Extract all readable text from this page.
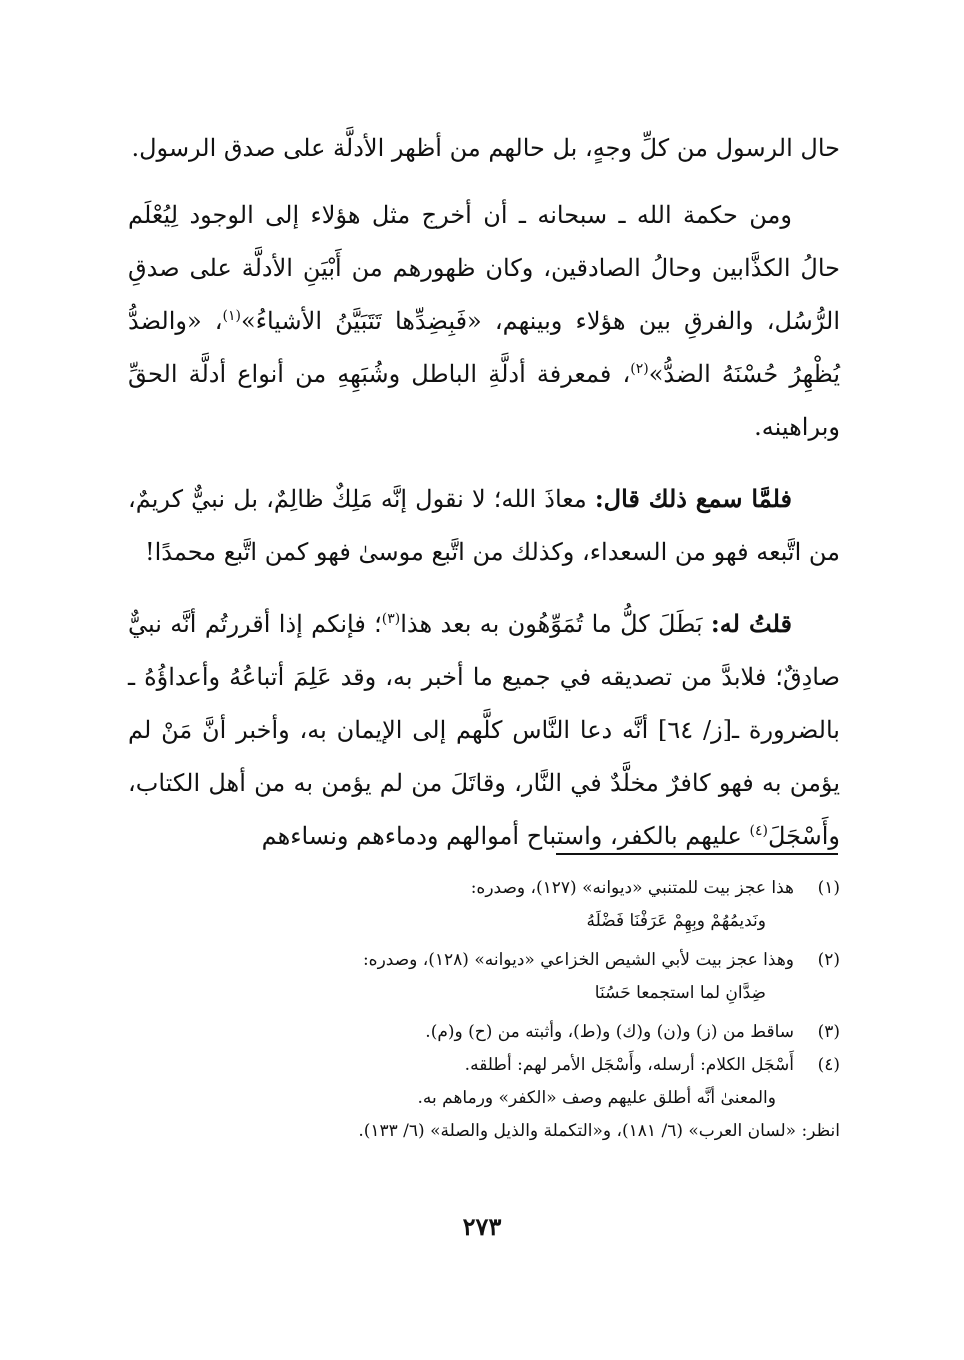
حال الرسول من كلِّ وجهٍ، بل حالهم من أظهر الأدلَّة على صدق الرسول.

ومن حكمة الله ـ سبحانه ـ أن أخرج مثل هؤلاء إلى الوجود لِيُعْلَم حالُ الكذَّابين وحالُ الصادقين، وكان ظهورهم من أَبْيَنِ الأدلَّة على صدقِ الرُّسُل، والفرقِ بين هؤلاء وبينهم، «فَبِضِدِّها تَتَبَيَّنُ الأشياءُ»$^{(١)}$، «والضدُّ يُظْهِرُ حُسْنَهُ الضدُّ»$^{(٢)}$، فمعرفة أدلَّةِ الباطل وشُبَهِهِ من أنواع أدلَّة الحقِّ وبراهينه.

فلمَّا سمع ذلك قال: معاذَ الله؛ لا نقول إنَّه مَلِكٌ ظالِمٌ، بل نبيٌّ كريمٌ، من اتَّبعه فهو من السعداء، وكذلك من اتَّبع موسىٰ فهو كمن اتَّبع محمدًا!

قلتُ له: بَطَلَ كلُّ ما تُمَوِّهُون به بعد هذا$^{(٣)}$؛ فإنكم إذا أقررتُم أنَّه نبيٌّ صادِقٌ؛ فلابدَّ من تصديقه في جميع ما أخبر به، وقد عَلِمَ أتباعُهُ وأعداؤُهُ ـ بالضرورة ـ[ز/ ٦٤] أنَّه دعا النَّاس كلَّهم إلى الإيمان به، وأخبر أنَّ مَنْ لم يؤمن به فهو كافرٌ مخلَّدٌ في النَّار، وقاتَلَ من لم يؤمن به من أهل الكتاب، وأَسْجَلَ$^{(٤)}$ عليهم بالكفر، واستباح أموالهم ودماءهم ونساءهم

(١)
هذا عجز بيت للمتنبي «ديوانه» (١٢٧)، وصدره:
ونَديمُهُمْ وبِهِمْ عَرَفْنَا فَضْلَهُ
(٢)
وهذا عجز بيت لأبي الشيص الخزاعي «ديوانه» (١٢٨)، وصدره:
ضِدَّانِ لما استجمعا حَسُنَا
(٣)
ساقط من (ز) و(ن) و(ك) و(ط)، وأثبته من (ح) و(م).
(٤)
أَسْجَل الكلام: أرسله، وأَسْجَل الأمر لهم: أطلقه.
والمعنىٰ أنَّه أطلق عليهم وصف «الكفر» ورماهم به.
انظر: «لسان العرب» (٦/ ١٨١)، و«التكملة والذيل والصلة» (٦/ ١٣٣).
٢٧٣
